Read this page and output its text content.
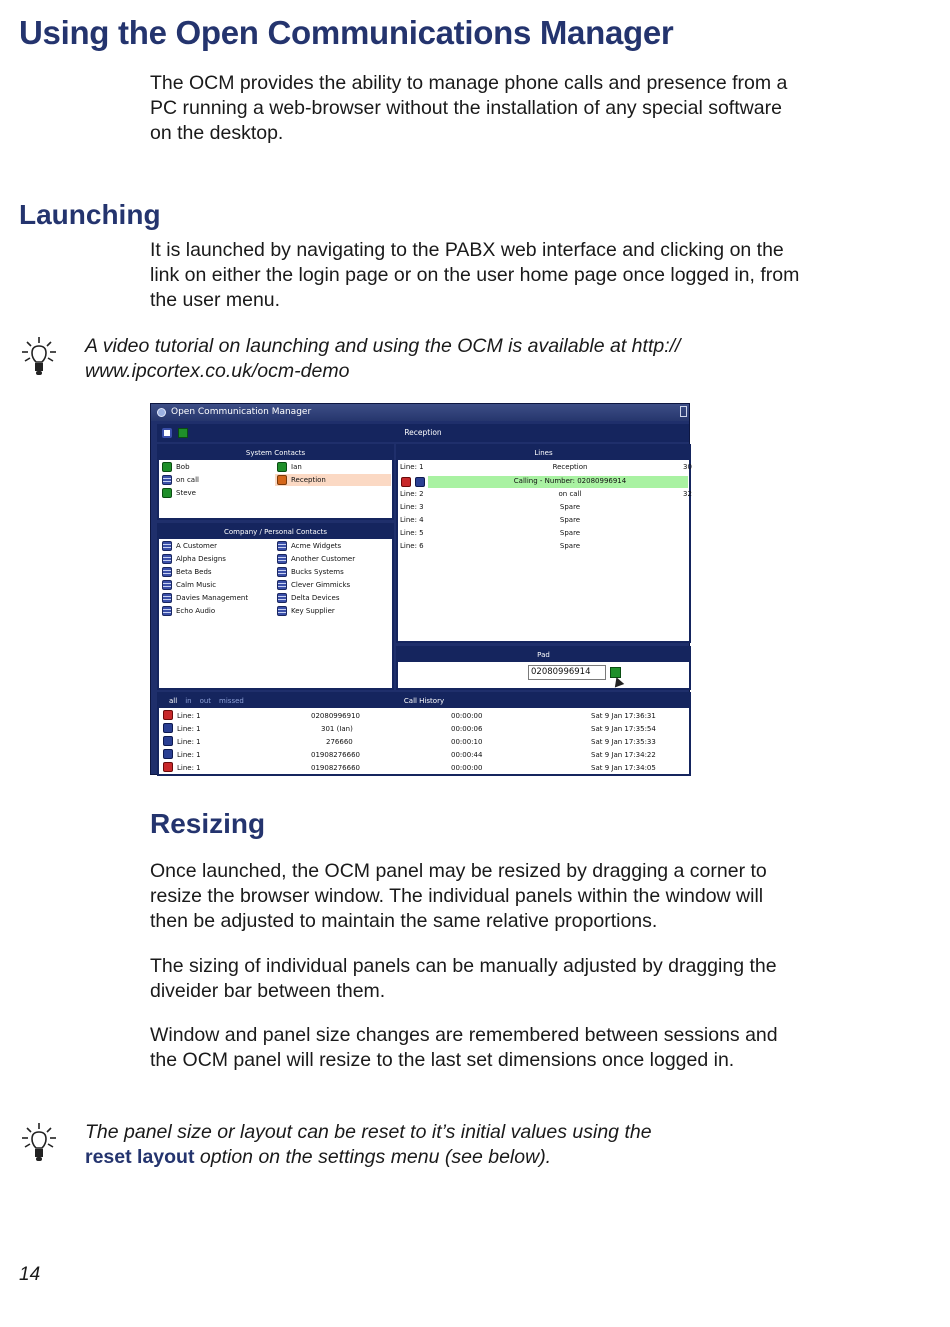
Using the Open Communications Manager
The OCM provides the ability to manage phone calls and presence from a PC running a web-browser without the installation of any special software on the desktop.
Launching
It is launched by navigating to the PABX web interface and clicking on the link on either the login page or on the user home page once logged in, from the user menu.
A video tutorial on launching and using the OCM is available at http:// www.ipcortex.co.uk/ocm-demo
Open Communication Manager
Reception
System Contacts
Bob	Ian
on call	Reception
Steve
Company / Personal Contacts
A Customer	Acme Widgets
Alpha Designs	Another Customer
Beta Beds	Bucks Systems
Calm Music	Clever Gimmicks
Davies Management	Delta Devices
Echo Audio	Key Supplier
Lines
Line: 1	Reception	30
Calling - Number: 02080996914
Line: 2	on call	32
Line: 3	Spare
Line: 4	Spare
Line: 5	Spare
Line: 6	Spare
Pad
02080996914
Call History
all in out missed
Line: 1	02080996910	00:00:00	Sat 9 Jan 17:36:31
Line: 1	301 (Ian)	00:00:06	Sat 9 Jan 17:35:54
Line: 1	276660	00:00:10	Sat 9 Jan 17:35:33
Line: 1	01908276660	00:00:44	Sat 9 Jan 17:34:22
Line: 1	01908276660	00:00:00	Sat 9 Jan 17:34:05
Resizing
Once launched, the OCM panel may be resized by dragging a corner to resize the browser window. The individual panels within the window will then be adjusted to maintain the same relative proportions.
The sizing of individual panels can be manually adjusted by dragging the diveider bar between them.
Window and panel size changes are remembered between sessions and the OCM panel will resize to the last set dimensions once logged in.
The panel size or layout can be reset to it’s initial values using the
reset layout option on the settings menu (see below).
14
